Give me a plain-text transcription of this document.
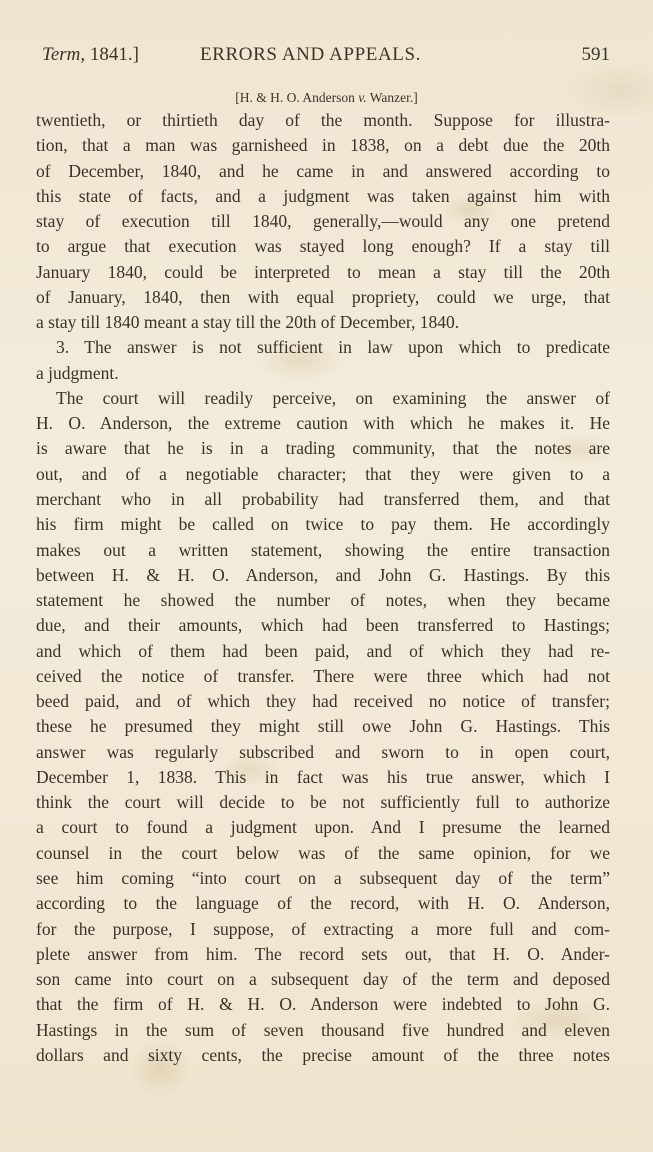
Term, 1841.]	ERRORS AND APPEALS.	591
[H. & H. O. Anderson v. Wanzer.]
twentieth, or thirtieth day of the month. Suppose for illustra-
tion, that a man was garnisheed in 1838, on a debt due the 20th
of December, 1840, and he came in and answered according to
this state of facts, and a judgment was taken against him with
stay of execution till 1840, generally,—would any one pretend
to argue that execution was stayed long enough? If a stay till
January 1840, could be interpreted to mean a stay till the 20th
of January, 1840, then with equal propriety, could we urge, that
a stay till 1840 meant a stay till the 20th of December, 1840.
3. The answer is not sufficient in law upon which to predicate
a judgment.
The court will readily perceive, on examining the answer of
H. O. Anderson, the extreme caution with which he makes it. He
is aware that he is in a trading community, that the notes are
out, and of a negotiable character; that they were given to a
merchant who in all probability had transferred them, and that
his firm might be called on twice to pay them. He accordingly
makes out a written statement, showing the entire transaction
between H. & H. O. Anderson, and John G. Hastings. By this
statement he showed the number of notes, when they became
due, and their amounts, which had been transferred to Hastings;
and which of them had been paid, and of which they had re-
ceived the notice of transfer. There were three which had not
beed paid, and of which they had received no notice of transfer;
these he presumed they might still owe John G. Hastings. This
answer was regularly subscribed and sworn to in open court,
December 1, 1838. This in fact was his true answer, which I
think the court will decide to be not sufficiently full to authorize
a court to found a judgment upon. And I presume the learned
counsel in the court below was of the same opinion, for we
see him coming “into court on a subsequent day of the term”
according to the language of the record, with H. O. Anderson,
for the purpose, I suppose, of extracting a more full and com-
plete answer from him. The record sets out, that H. O. Ander-
son came into court on a subsequent day of the term and deposed
that the firm of H. & H. O. Anderson were indebted to John G.
Hastings in the sum of seven thousand five hundred and eleven
dollars and sixty cents, the precise amount of the three notes
